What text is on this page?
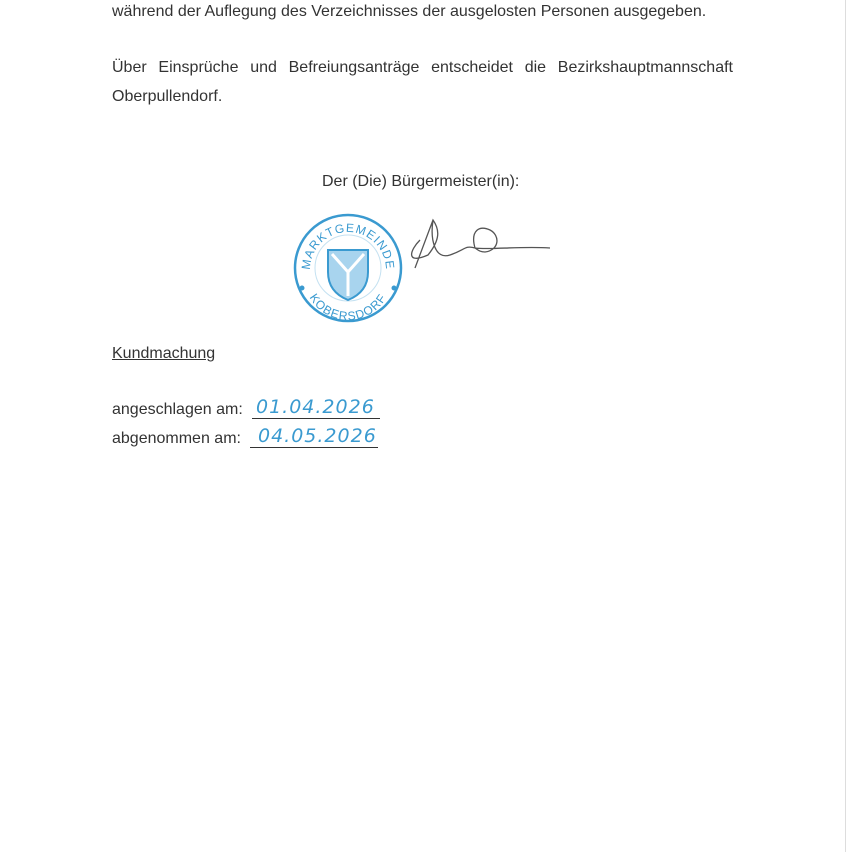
während der Auflegung des Verzeichnisses der ausgelosten Personen ausgegeben.
Über Einsprüche und Befreiungsanträge entscheidet die Bezirkshauptmannschaft
Oberpullendorf.
Der (Die) Bürgermeister(in):
MARKTGEMEINDE
KOBERSDORF
Kundmachung
angeschlagen am: 01.04.2026
abgenommen am: 04.05.2026
